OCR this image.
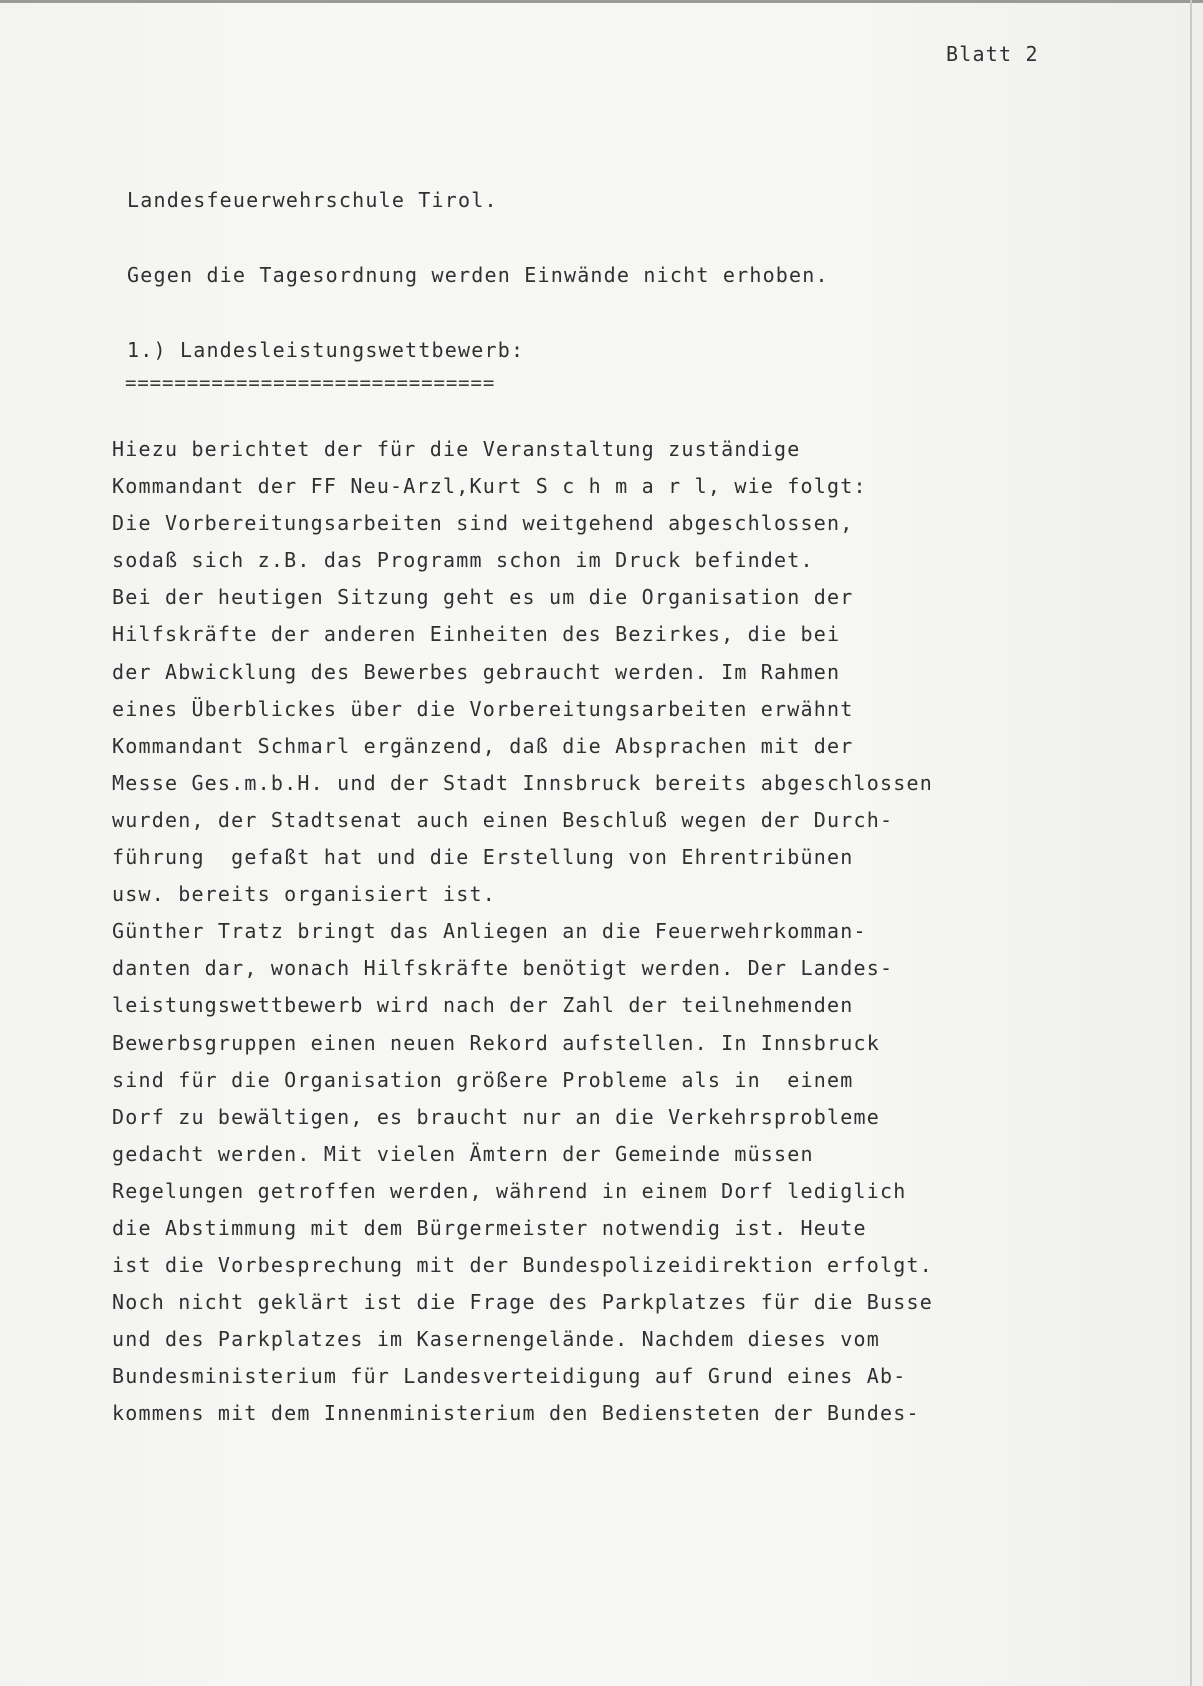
Blatt 2
Landesfeuerwehrschule Tirol.
Gegen die Tagesordnung werden Einwände nicht erhoben.
1.) Landesleistungswettbewerb:
==============================
Hiezu berichtet der für die Veranstaltung zuständige
Kommandant der FF Neu-Arzl,Kurt S c h m a r l, wie folgt:
Die Vorbereitungsarbeiten sind weitgehend abgeschlossen,
sodaß sich z.B. das Programm schon im Druck befindet.
Bei der heutigen Sitzung geht es um die Organisation der
Hilfskräfte der anderen Einheiten des Bezirkes, die bei
der Abwicklung des Bewerbes gebraucht werden. Im Rahmen
eines Überblickes über die Vorbereitungsarbeiten erwähnt
Kommandant Schmarl ergänzend, daß die Absprachen mit der
Messe Ges.m.b.H. und der Stadt Innsbruck bereits abgeschlossen
wurden, der Stadtsenat auch einen Beschluß wegen der Durch-
führung  gefaßt hat und die Erstellung von Ehrentribünen
usw. bereits organisiert ist.
Günther Tratz bringt das Anliegen an die Feuerwehrkomman-
danten dar, wonach Hilfskräfte benötigt werden. Der Landes-
leistungswettbewerb wird nach der Zahl der teilnehmenden
Bewerbsgruppen einen neuen Rekord aufstellen. In Innsbruck
sind für die Organisation größere Probleme als in  einem
Dorf zu bewältigen, es braucht nur an die Verkehrsprobleme
gedacht werden. Mit vielen Ämtern der Gemeinde müssen
Regelungen getroffen werden, während in einem Dorf lediglich
die Abstimmung mit dem Bürgermeister notwendig ist. Heute
ist die Vorbesprechung mit der Bundespolizeidirektion erfolgt.
Noch nicht geklärt ist die Frage des Parkplatzes für die Busse
und des Parkplatzes im Kasernengelände. Nachdem dieses vom
Bundesministerium für Landesverteidigung auf Grund eines Ab-
kommens mit dem Innenministerium den Bediensteten der Bundes-
